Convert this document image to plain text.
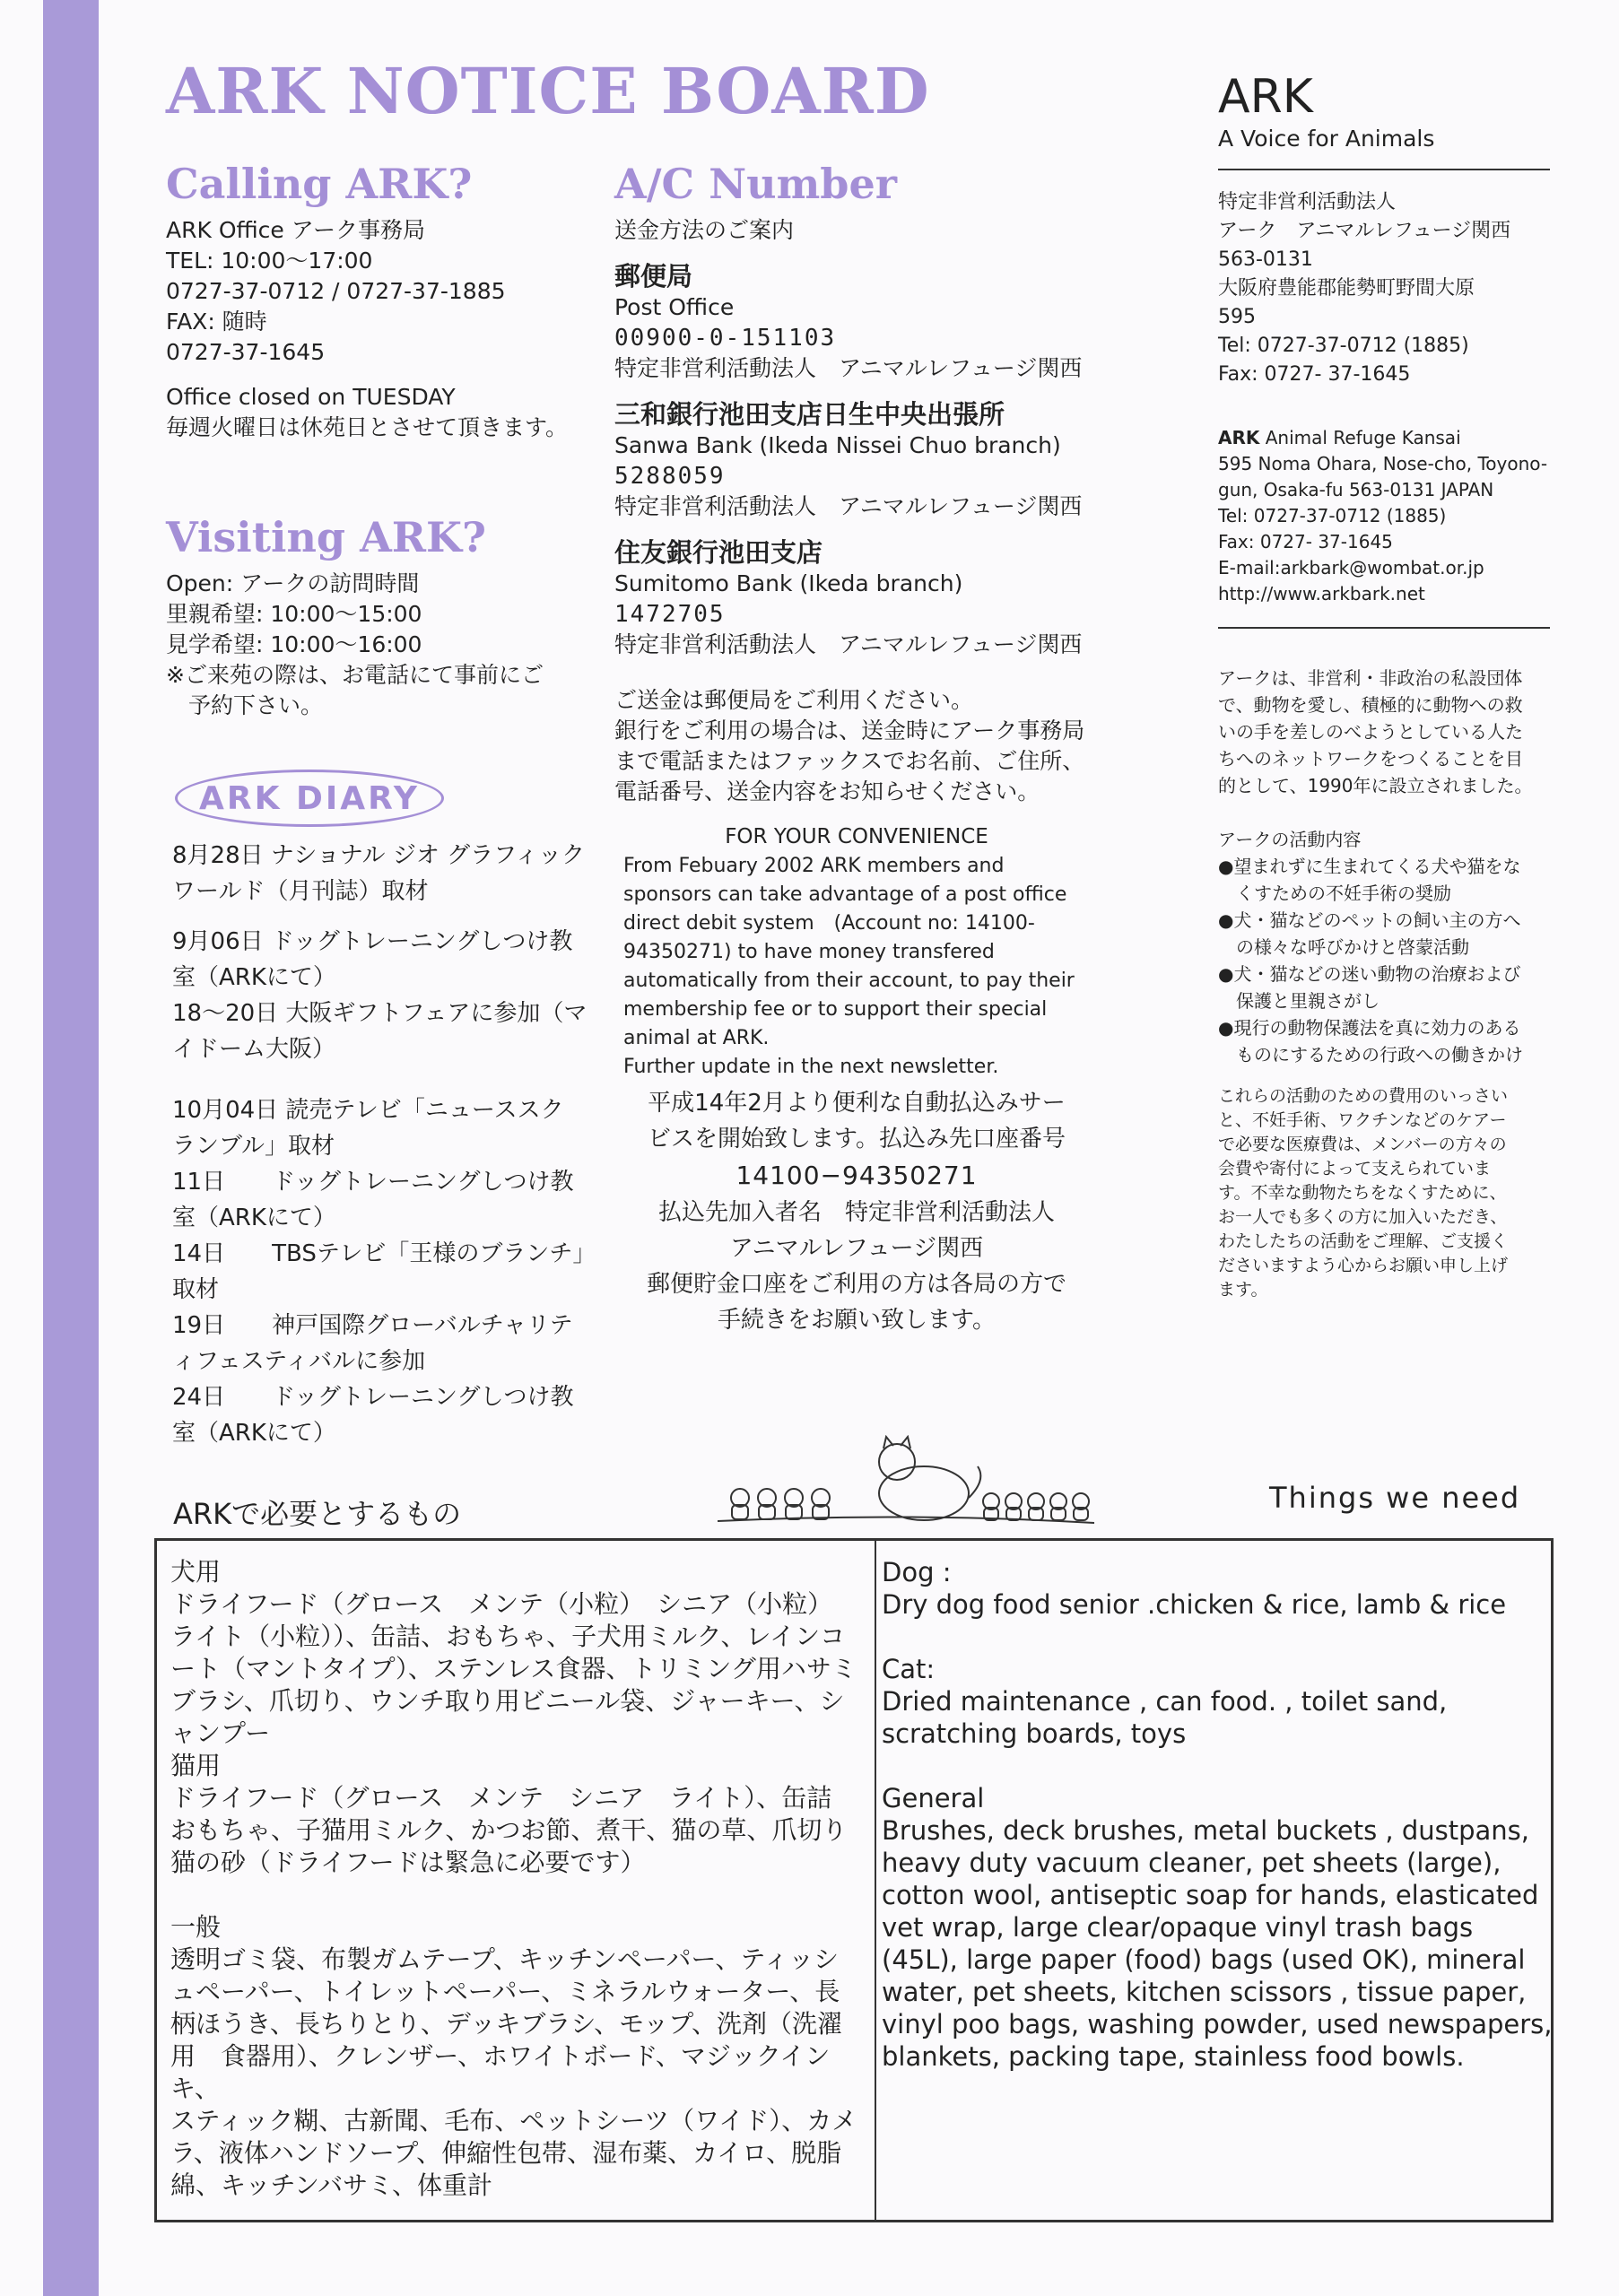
ARK NOTICE BOARD
Calling ARK?

ARK Office アーク事務局

TEL: 10:00〜17:00

0727-37-0712 / 0727-37-1885

FAX: 随時

0727-37-1645

Office closed on TUESDAY

毎週火曜日は休苑日とさせて頂きます。

Visiting ARK?

Open: アークの訪問時間

里親希望: 10:00〜15:00

見学希望: 10:00〜16:00

※ご来苑の際は、お電話にて事前にご

　予約下さい。

ARK DIARY

8月28日 ナショナル ジオ グラフィック

ワールド（月刊誌）取材

9月06日 ドッグトレーニングしつけ教

室（ARKにて）

18〜20日 大阪ギフトフェアに参加（マ

イドーム大阪）

10月04日 読売テレビ「ニューススク

ランブル」取材

11日　　ドッグトレーニングしつけ教

室（ARKにて）

14日　　TBSテレビ「王様のブランチ」

取材

19日　　神戸国際グローバルチャリテ

ィフェスティバルに参加

24日　　ドッグトレーニングしつけ教

室（ARKにて）

A/C Number

送金方法のご案内

郵便局

Post Office

00900-0-151103

特定非営利活動法人　アニマルレフュージ関西

三和銀行池田支店日生中央出張所

Sanwa Bank (Ikeda Nissei Chuo branch)

5288059

特定非営利活動法人　アニマルレフュージ関西

住友銀行池田支店

Sumitomo Bank (Ikeda branch)

1472705

特定非営利活動法人　アニマルレフュージ関西

ご送金は郵便局をご利用ください。

銀行をご利用の場合は、送金時にアーク事務局

まで電話またはファックスでお名前、ご住所、

電話番号、送金内容をお知らせください。

FOR YOUR CONVENIENCE

From Febuary 2002 ARK members and

sponsors can take advantage of a post office

direct debit system　(Account no: 14100-

94350271) to have money transfered

automatically from their account, to pay their

membership fee or to support their special

animal at ARK.

Further update in the next newsletter.

平成14年2月より便利な自動払込みサー

ビスを開始致します。払込み先口座番号

14100−94350271

払込先加入者名　特定非営利活動法人

アニマルレフュージ関西

郵便貯金口座をご利用の方は各局の方で

手続きをお願い致します。

ARK

A Voice for Animals

特定非営利活動法人

アーク　アニマルレフュージ関西

563-0131

大阪府豊能郡能勢町野間大原

595

Tel: 0727-37-0712 (1885)

Fax: 0727- 37-1645

ARK Animal Refuge Kansai

595 Noma Ohara, Nose-cho, Toyono-

gun, Osaka-fu 563-0131 JAPAN

Tel: 0727-37-0712 (1885)

Fax: 0727- 37-1645

E-mail:arkbark@wombat.or.jp

http://www.arkbark.net

アークは、非営利・非政治の私設団体

で、動物を愛し、積極的に動物への救

いの手を差しのべようとしている人た

ちへのネットワークをつくることを目

的として、1990年に設立されました。

アークの活動内容

●望まれずに生まれてくる犬や猫をな

　くすための不妊手術の奨励

●犬・猫などのペットの飼い主の方へ

　の様々な呼びかけと啓蒙活動

●犬・猫などの迷い動物の治療および

　保護と里親さがし

●現行の動物保護法を真に効力のある

　ものにするための行政への働きかけ

これらの活動のための費用のいっさい

と、不妊手術、ワクチンなどのケアー

で必要な医療費は、メンバーの方々の

会費や寄付によって支えられていま

す。不幸な動物たちをなくすために、

お一人でも多くの方に加入いただき、

わたしたちの活動をご理解、ご支援く

ださいますよう心からお願い申し上げ

ます。

ARKで必要とするもの	Things we need

犬用

ドライフード（グロース　メンテ（小粒）　シニア（小粒）

ライト（小粒））、缶詰、おもちゃ、子犬用ミルク、レインコ

ート（マントタイプ）、ステンレス食器、トリミング用ハサミ

ブラシ、爪切り、ウンチ取り用ビニール袋、ジャーキー、シ

ャンプー

猫用

ドライフード（グロース　メンテ　シニア　ライト）、缶詰

おもちゃ、子猫用ミルク、かつお節、煮干、猫の草、爪切り

猫の砂（ドライフードは緊急に必要です）

一般

透明ゴミ袋、布製ガムテープ、キッチンペーパー、ティッシ

ュペーパー、トイレットペーパー、ミネラルウォーター、長

柄ほうき、長ちりとり、デッキブラシ、モップ、洗剤（洗濯

用　食器用）、クレンザー、ホワイトボード、マジックインキ、

スティック糊、古新聞、毛布、ペットシーツ（ワイド）、カメ

ラ、液体ハンドソープ、伸縮性包帯、湿布薬、カイロ、脱脂

綿、キッチンバサミ、体重計

Dog :

Dry dog food senior .chicken & rice, lamb & rice

Cat:

Dried maintenance , can food. , toilet sand,

scratching boards, toys

General

Brushes, deck brushes, metal buckets , dustpans,

heavy duty vacuum cleaner, pet sheets (large),

cotton wool, antiseptic soap for hands, elasticated

vet wrap, large clear/opaque vinyl trash bags

(45L), large paper (food) bags (used OK), mineral

water, pet sheets, kitchen scissors , tissue paper,

vinyl poo bags, washing powder, used newspapers,

blankets, packing tape, stainless food bowls.
